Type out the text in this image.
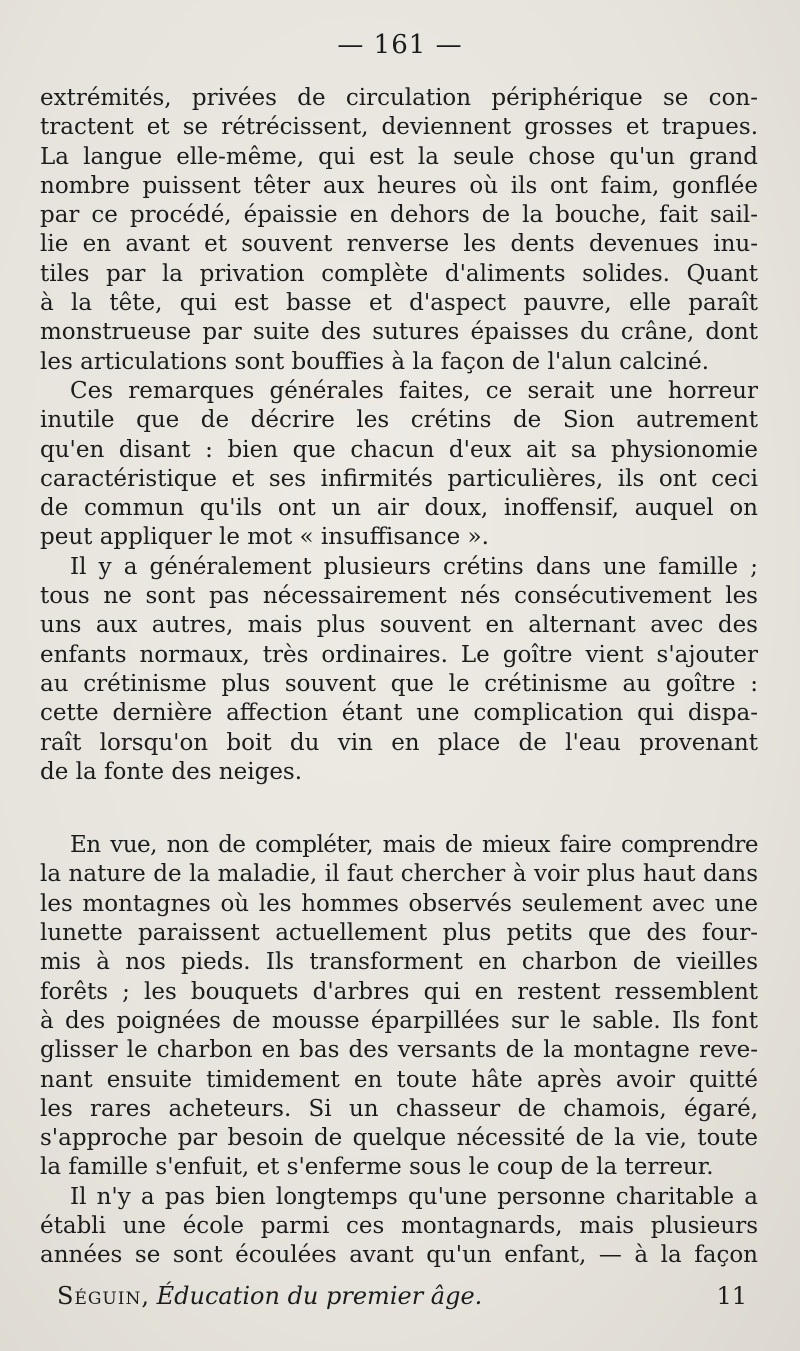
— 161 —
extrémités, privées de circulation périphérique se con-
tractent et se rétrécissent, deviennent grosses et trapues.
La langue elle-même, qui est la seule chose qu'un grand
nombre puissent têter aux heures où ils ont faim, gonflée
par ce procédé, épaissie en dehors de la bouche, fait sail-
lie en avant et souvent renverse les dents devenues inu-
tiles par la privation complète d'aliments solides. Quant
à la tête, qui est basse et d'aspect pauvre, elle paraît
monstrueuse par suite des sutures épaisses du crâne, dont
les articulations sont bouffies à la façon de l'alun calciné.
Ces remarques générales faites, ce serait une horreur
inutile que de décrire les crétins de Sion autrement
qu'en disant : bien que chacun d'eux ait sa physionomie
caractéristique et ses infirmités particulières, ils ont ceci
de commun qu'ils ont un air doux, inoffensif, auquel on
peut appliquer le mot « insuffisance ».
Il y a généralement plusieurs crétins dans une famille ;
tous ne sont pas nécessairement nés consécutivement les
uns aux autres, mais plus souvent en alternant avec des
enfants normaux, très ordinaires. Le goître vient s'ajouter
au crétinisme plus souvent que le crétinisme au goître :
cette dernière affection étant une complication qui dispa-
raît lorsqu'on boit du vin en place de l'eau provenant
de la fonte des neiges.
En vue, non de compléter, mais de mieux faire comprendre
la nature de la maladie, il faut chercher à voir plus haut dans
les montagnes où les hommes observés seulement avec une
lunette paraissent actuellement plus petits que des four-
mis à nos pieds. Ils transforment en charbon de vieilles
forêts ; les bouquets d'arbres qui en restent ressemblent
à des poignées de mousse éparpillées sur le sable. Ils font
glisser le charbon en bas des versants de la montagne reve-
nant ensuite timidement en toute hâte après avoir quitté
les rares acheteurs. Si un chasseur de chamois, égaré,
s'approche par besoin de quelque nécessité de la vie, toute
la famille s'enfuit, et s'enferme sous le coup de la terreur.
Il n'y a pas bien longtemps qu'une personne charitable a
établi une école parmi ces montagnards, mais plusieurs
années se sont écoulées avant qu'un enfant, — à la façon
Séguin, Éducation du premier âge.	11
